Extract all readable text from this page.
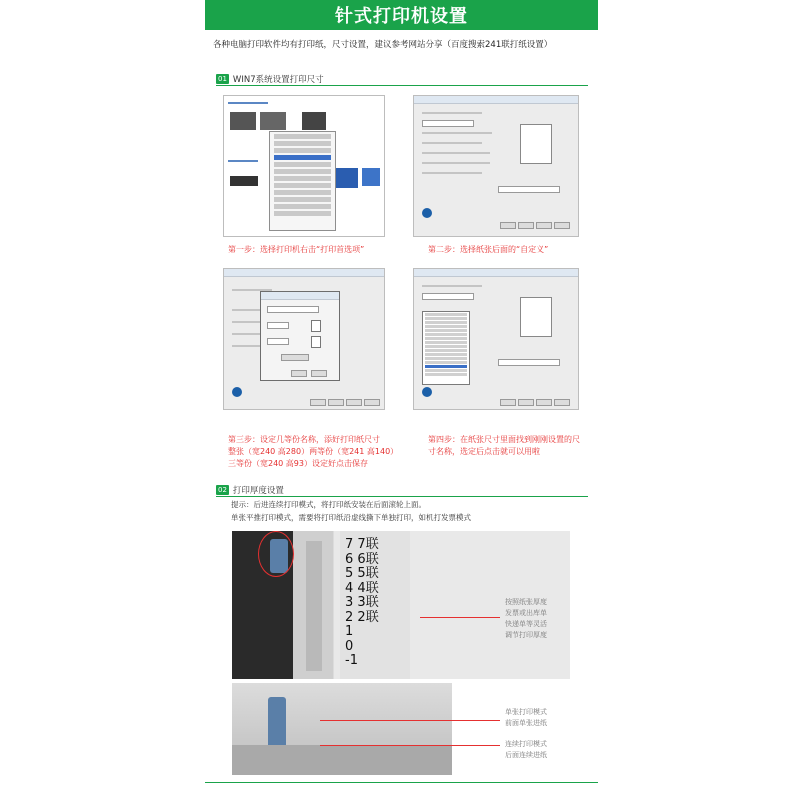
针式打印机设置
各种电脑打印软件均有打印纸，尺寸设置，建议参考网站分享（百度搜索241联打纸设置）
01 WIN7系统设置打印尺寸
第一步：选择打印机右击“打印首选项”	第二步：选择纸张后面的“自定义”
第三步：设定几等份名称，添好打印纸尺寸
整张（宽240 高280）两等份（宽241 高140）
三等份（宽240 高93）设定好点击保存
第四步：在纸张尺寸里面找到刚刚设置的尺
寸名称，选定后点击就可以用啦
02 打印厚度设置
提示：后进连续打印模式，将打印纸安装在后面滚轮上面。
单张平推打印模式，需要将打印纸沿虚线撕下单独打印，如机打发票模式
7 7联
6 6联
5 5联
4 4联
3 3联
2 2联
1
0
-1
按照纸张厚度
发票或出库单
快递单等灵活
调节打印厚度
单张打印模式
前面单张进纸
连续打印模式
后面连续进纸
